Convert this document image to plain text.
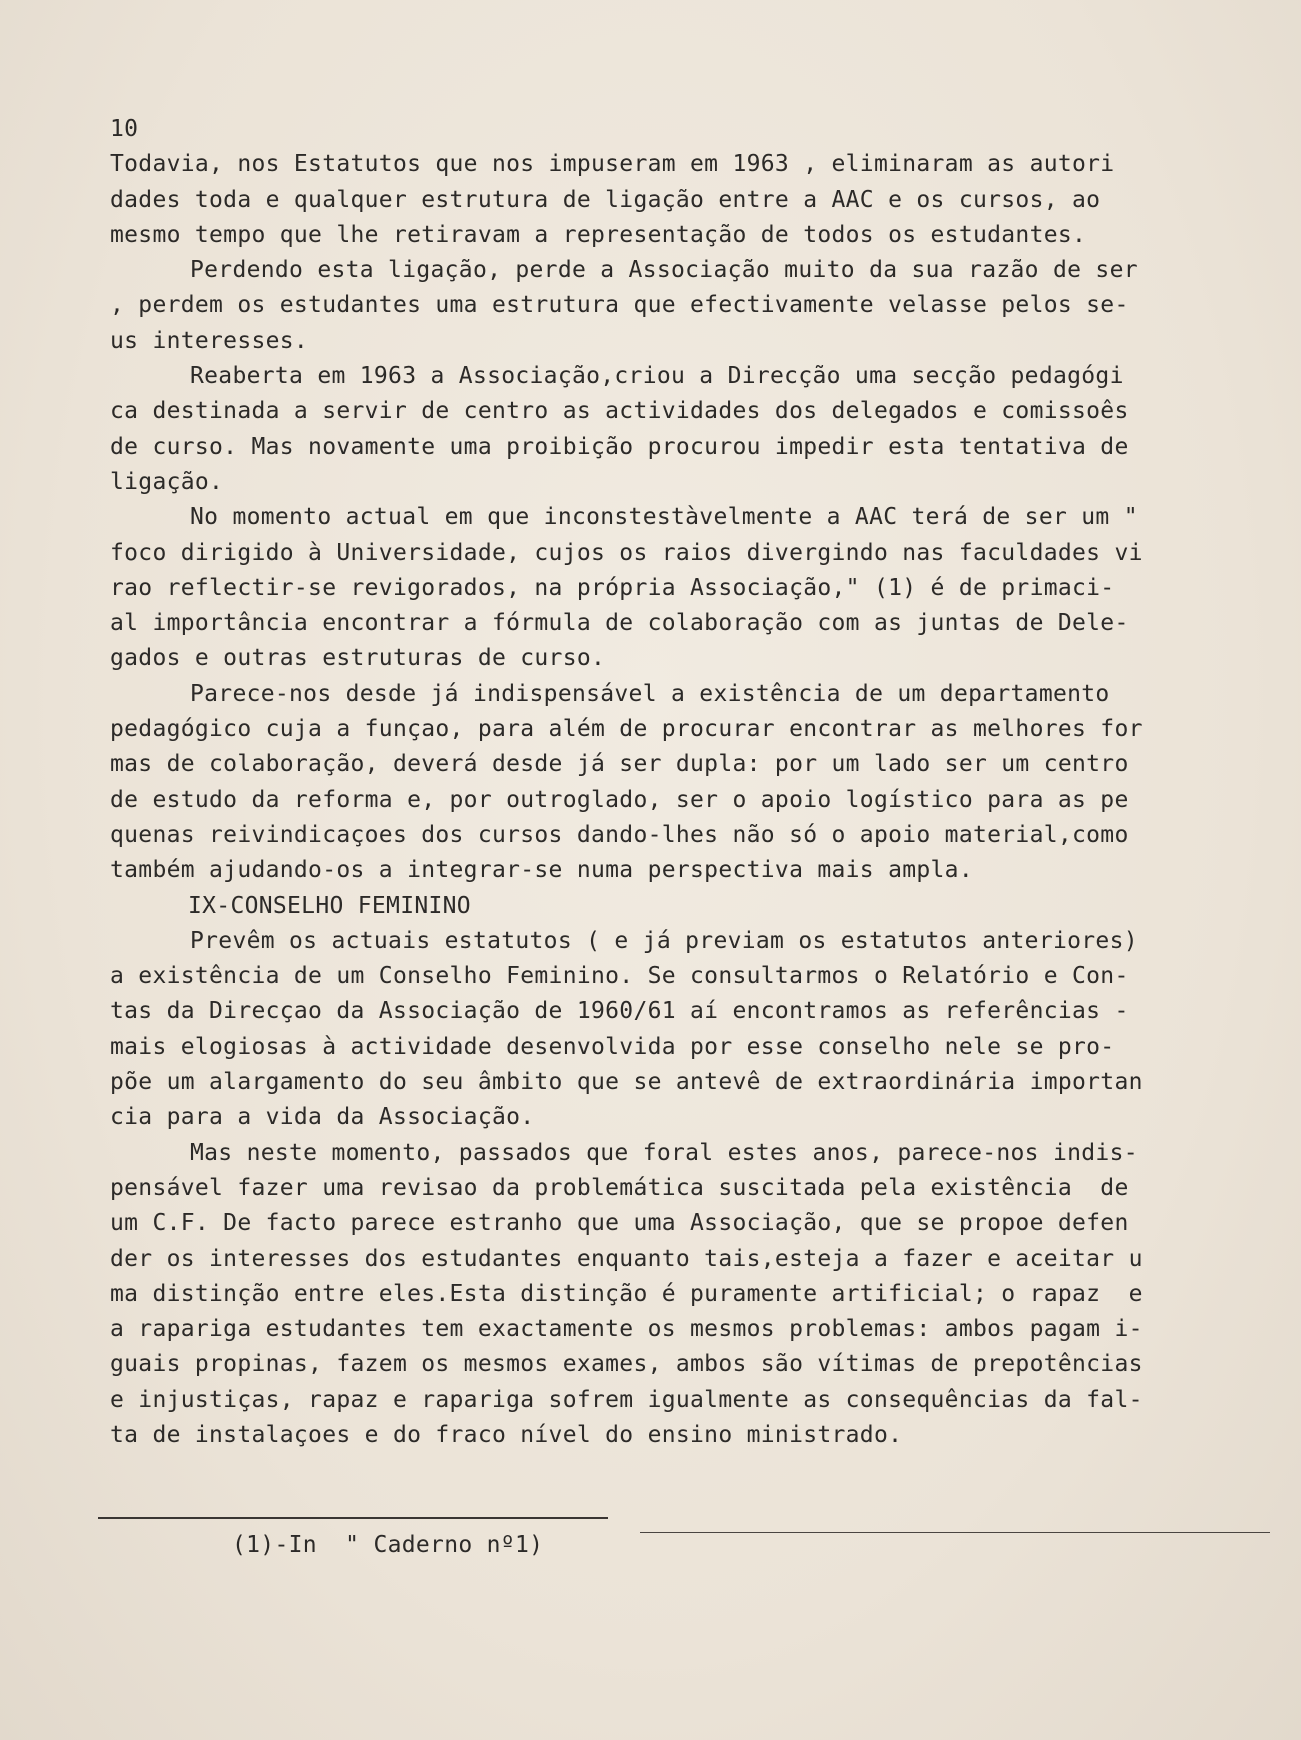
10
Todavia, nos Estatutos que nos impuseram em 1963 , eliminaram as autori
dades toda e qualquer estrutura de ligação entre a AAC e os cursos, ao
mesmo tempo que lhe retiravam a representação de todos os estudantes.
Perdendo esta ligação, perde a Associação muito da sua razão de ser
, perdem os estudantes uma estrutura que efectivamente velasse pelos se-
us interesses.
Reaberta em 1963 a Associação,criou a Direcção uma secção pedagógi
ca destinada a servir de centro as actividades dos delegados e comissoês
de curso. Mas novamente uma proibição procurou impedir esta tentativa de
ligação.
No momento actual em que inconstestàvelmente a AAC terá de ser um "
fοco dirigido à Universidade, cujos os raios divergindo nas faculdades vi
rao reflectir-se revigorados, na própria Associação," (1) é de primaci-
al importância encontrar a fórmula de colaboração com as juntas de Dele-
gados e outras estruturas de curso.
Parece-nos desde já indispensável a existência de um departamento
pedagógico cuja a funçao, para além de procurar encontrar as melhores for
mas de colaboração, deverá desde já ser dupla: por um lado ser um centro
de estudo da reforma e, por outroglado, ser o apoio logístico para as pe
quenas reivindicaçoes dos cursos dando-lhes não só o apoio material,como
também ajudando-os a integrar-se numa perspectiva mais ampla.
IX-CONSELHO FEMININO
Prevêm os actuais estatutos ( e já previam os estatutos anteriores)
a existência de um Conselho Feminino. Se consultarmos o Relatório e Con-
tas da Direcçao da Associação de 1960/61 aí encontramos as referências -
mais elogiosas à actividade desenvolvida por esse conselho nele se pro-
põe um alargamento do seu âmbito que se antevê de extraordinária importan
cia para a vida da Associação.
Mas neste momento, passados que foral estes anos, parece-nos indis-
pensável fazer uma revisao da problemática suscitada pela existência  de
um C.F. De facto parece estranho que uma Associação, que se propoe defen
der os interesses dos estudantes enquanto tais,esteja a fazer e aceitar u
ma distinção entre eles.Esta distinção é puramente artificial; o rapaz  e
a rapariga estudantes tem exactamente os mesmos problemas: ambos pagam i-
guais propinas, fazem os mesmos exames, ambos são vítimas de prepotências
e injustiças, rapaz e rapariga sofrem igualmente as consequências da fal-
ta de instalaçoes e do fraco nível do ensino ministrado.
(1)-In  " Caderno nº1)
